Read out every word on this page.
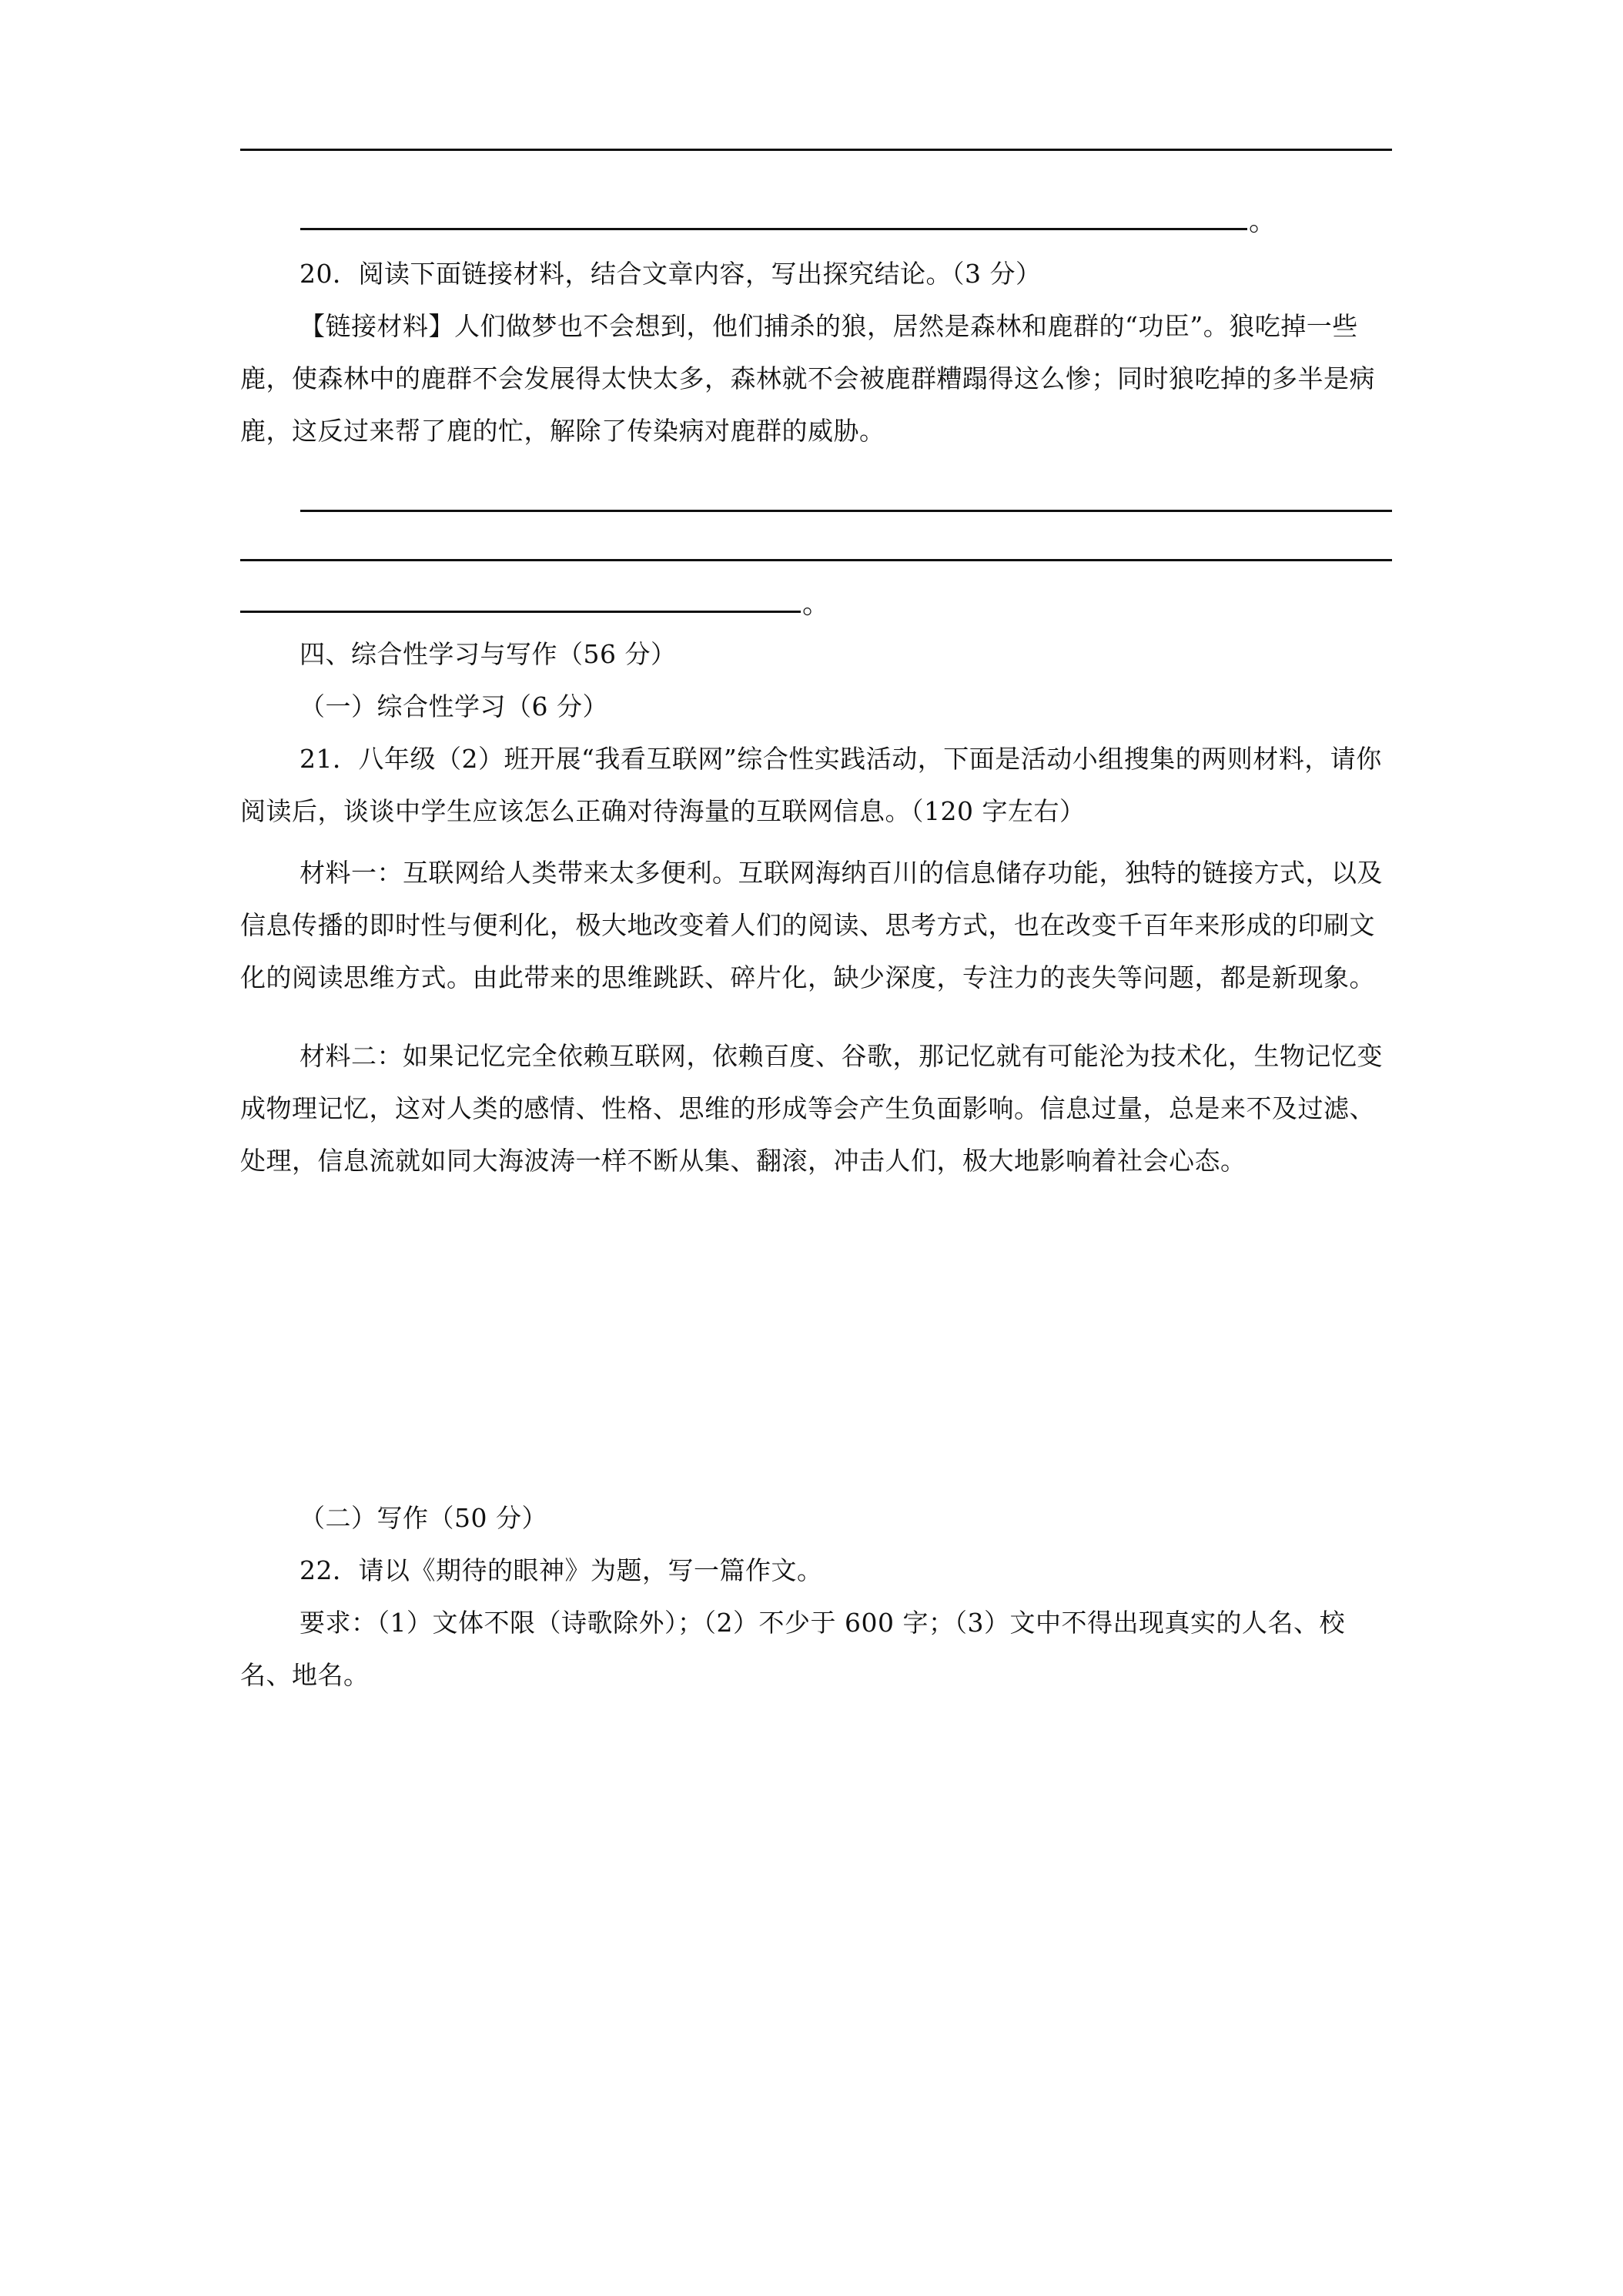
。

20．阅读下面链接材料，结合文章内容，写出探究结论。（3 分）

【链接材料】人们做梦也不会想到，他们捕杀的狼，居然是森林和鹿群的“功臣”。狼吃掉一些鹿，使森林中的鹿群不会发展得太快太多，森林就不会被鹿群糟蹋得这么惨；同时狼吃掉的多半是病鹿，这反过来帮了鹿的忙，解除了传染病对鹿群的威胁。

。

四、综合性学习与写作（56 分）

（一）综合性学习（6 分）

21．八年级（2）班开展“我看互联网”综合性实践活动，下面是活动小组搜集的两则材料，请你阅读后，谈谈中学生应该怎么正确对待海量的互联网信息。（120 字左右）

材料一：互联网给人类带来太多便利。互联网海纳百川的信息储存功能，独特的链接方式，以及信息传播的即时性与便利化，极大地改变着人们的阅读、思考方式，也在改变千百年来形成的印刷文化的阅读思维方式。由此带来的思维跳跃、碎片化，缺少深度，专注力的丧失等问题，都是新现象。

材料二：如果记忆完全依赖互联网，依赖百度、谷歌，那记忆就有可能沦为技术化，生物记忆变成物理记忆，这对人类的感情、性格、思维的形成等会产生负面影响。信息过量，总是来不及过滤、处理，信息流就如同大海波涛一样不断从集、翻滚，冲击人们，极大地影响着社会心态。

（二）写作（50 分）

22．请以《期待的眼神》为题，写一篇作文。

要求：（1）文体不限（诗歌除外）；（2）不少于 600 字；（3）文中不得出现真实的人名、校名、地名。
